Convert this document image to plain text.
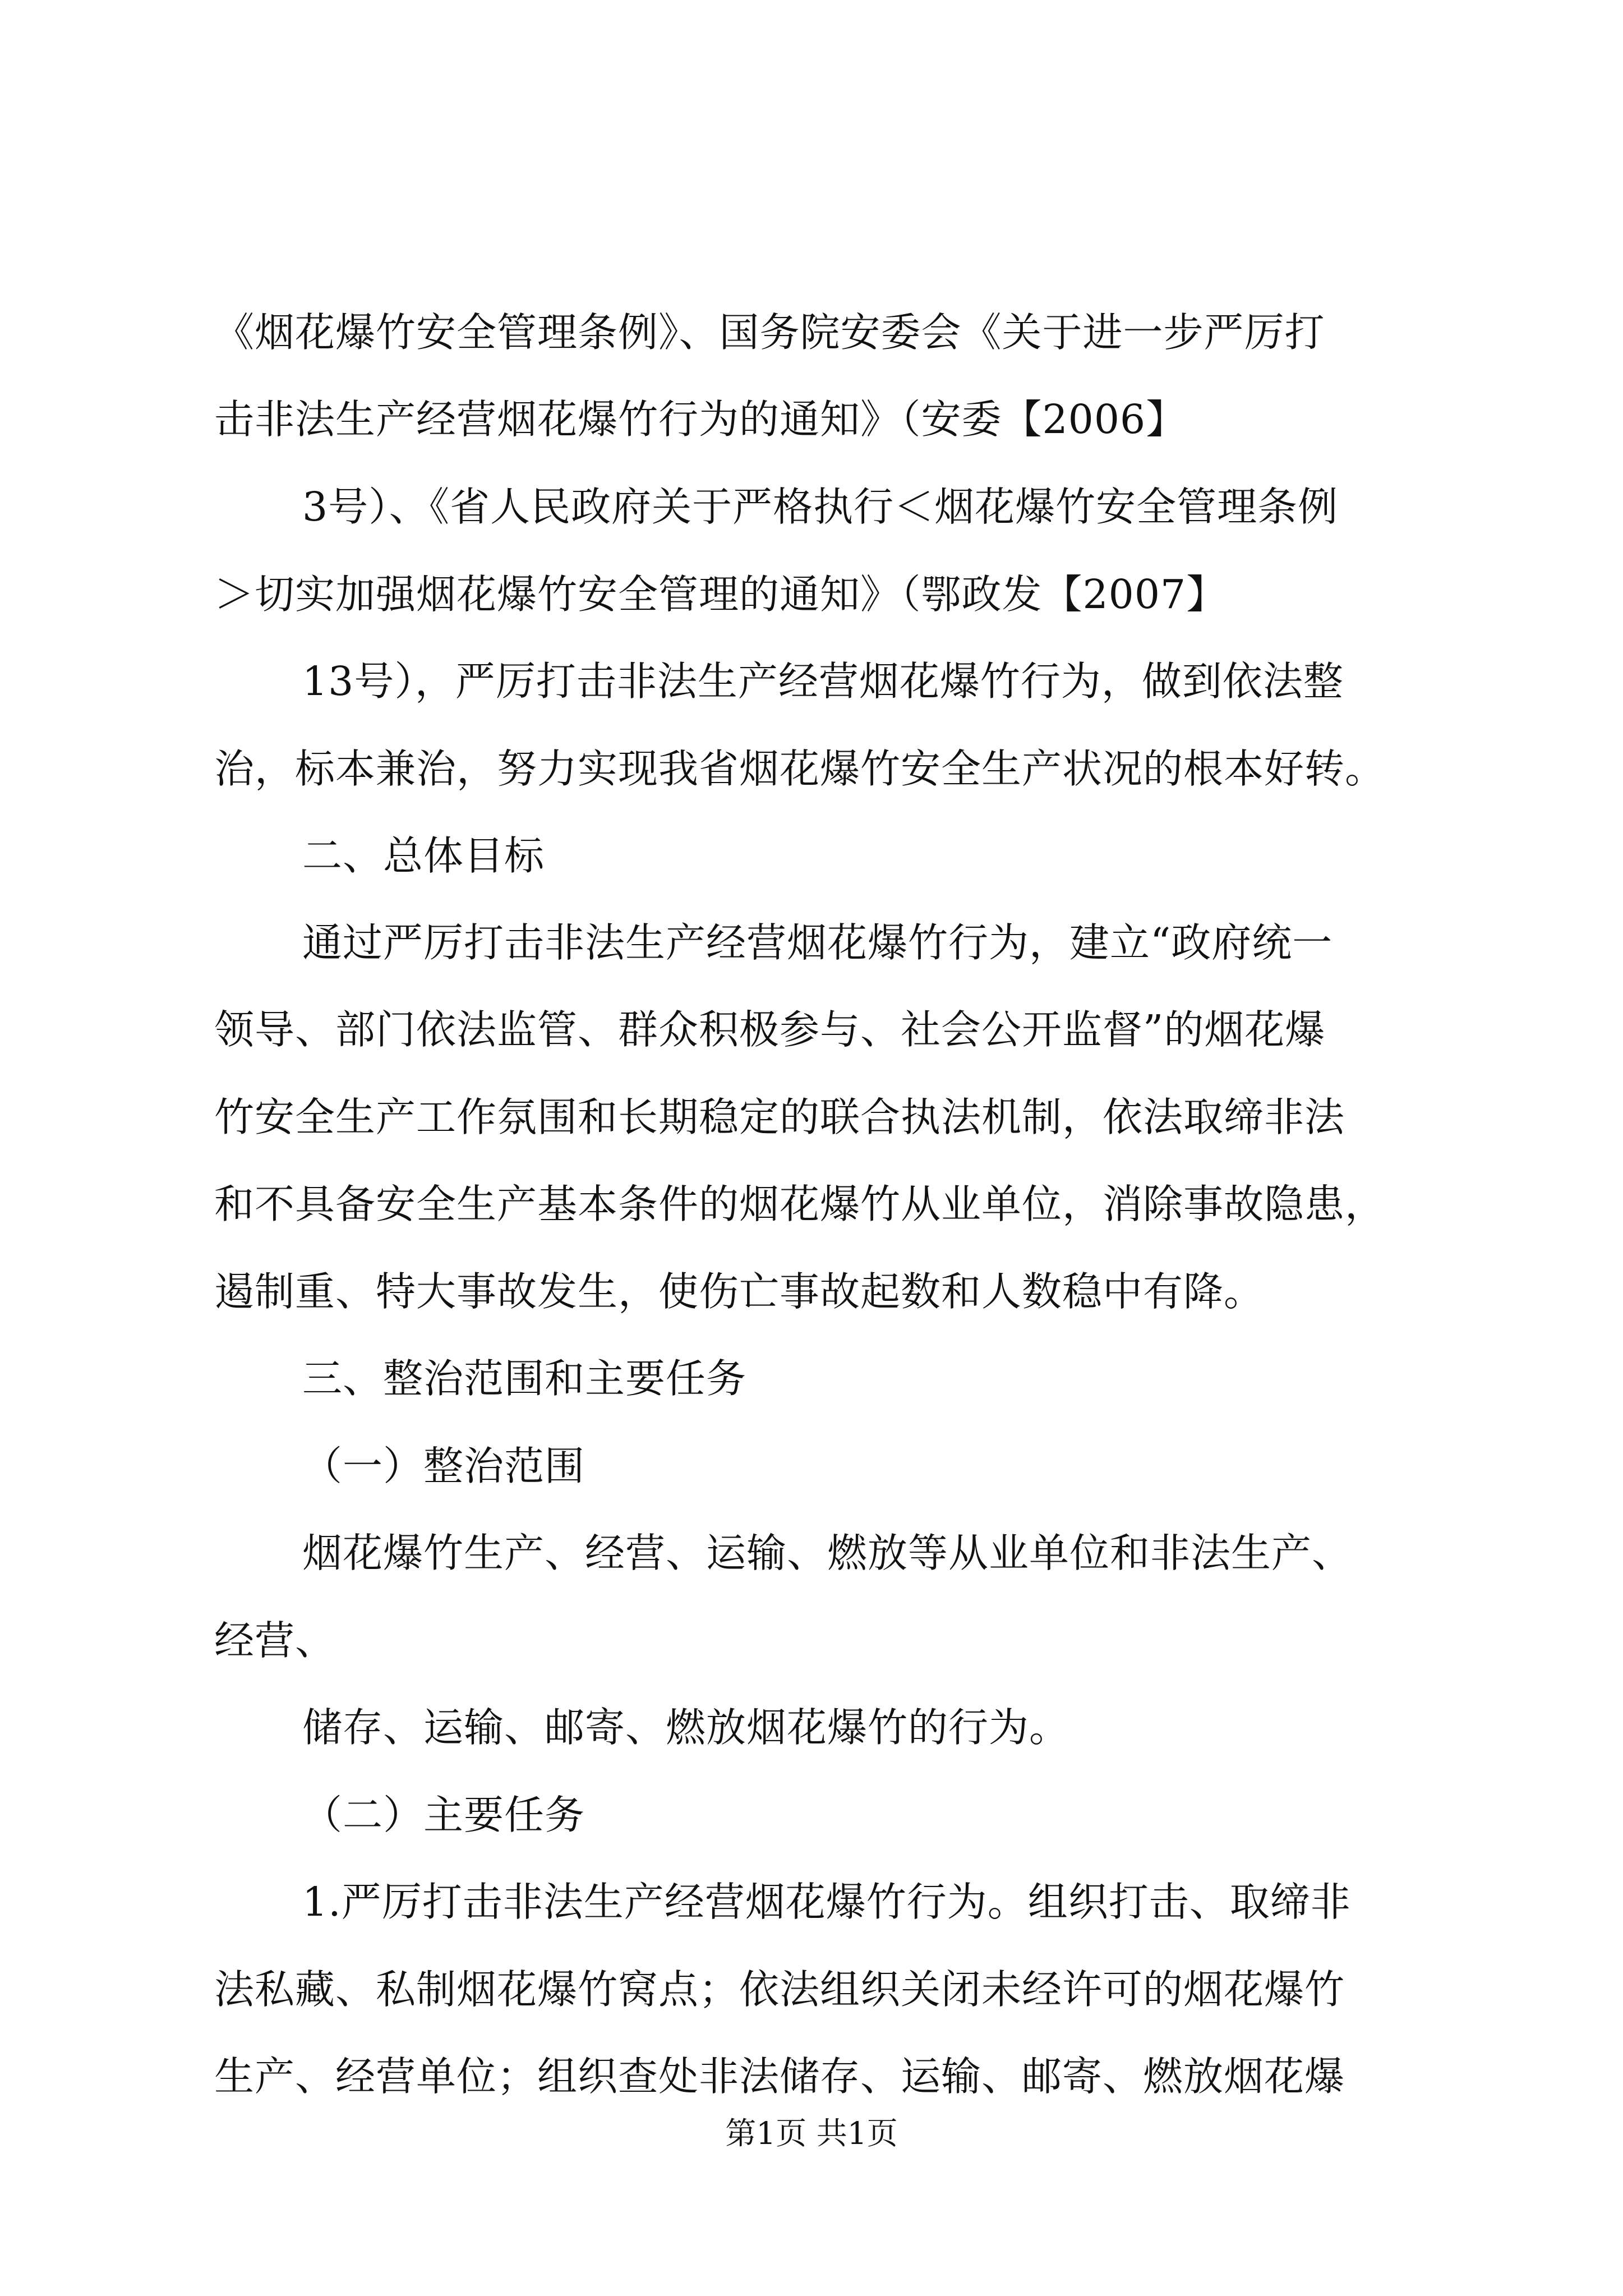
《烟花爆竹安全管理条例》、国务院安委会《关于进一步严厉打
击非法生产经营烟花爆竹行为的通知》（安委【2006】
3号）、《省人民政府关于严格执行＜烟花爆竹安全管理条例
＞切实加强烟花爆竹安全管理的通知》（鄂政发【2007】
13号），严厉打击非法生产经营烟花爆竹行为，做到依法整
治，标本兼治，努力实现我省烟花爆竹安全生产状况的根本好转。
二、总体目标
通过严厉打击非法生产经营烟花爆竹行为，建立“政府统一
领导、部门依法监管、群众积极参与、社会公开监督”的烟花爆
竹安全生产工作氛围和长期稳定的联合执法机制，依法取缔非法
和不具备安全生产基本条件的烟花爆竹从业单位，消除事故隐患，
遏制重、特大事故发生，使伤亡事故起数和人数稳中有降。
三、整治范围和主要任务
（一）整治范围
烟花爆竹生产、经营、运输、燃放等从业单位和非法生产、
经营、
储存、运输、邮寄、燃放烟花爆竹的行为。
（二）主要任务
1.严厉打击非法生产经营烟花爆竹行为。组织打击、取缔非
法私藏、私制烟花爆竹窝点；依法组织关闭未经许可的烟花爆竹
生产、经营单位；组织查处非法储存、运输、邮寄、燃放烟花爆
第1页 共1页
